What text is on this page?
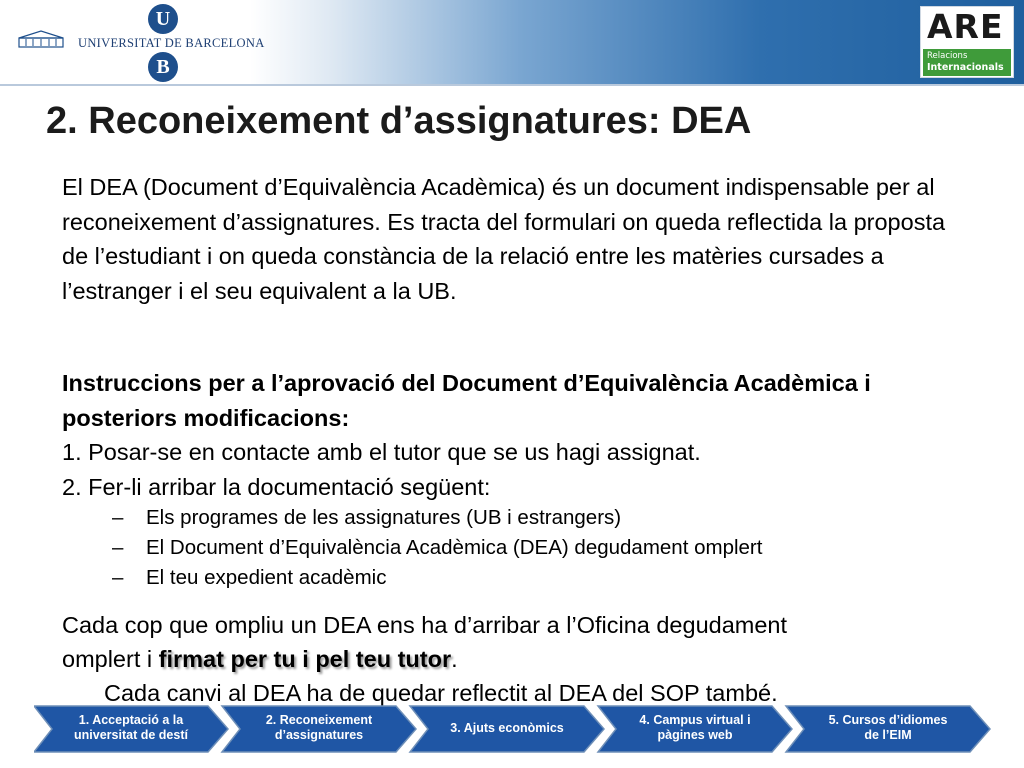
U
UNIVERSITAT DE BARCELONA
B
ARE
Relacions
Internacionals
2. Reconeixement d’assignatures: DEA

El DEA (Document d’Equivalència Acadèmica) és un document indispensable per al reconeixement d’assignatures. Es tracta del formulari on queda reflectida la proposta de l’estudiant i on queda constància de la relació entre les matèries cursades a l’estranger i el seu equivalent a la UB.

Instruccions per a l’aprovació del Document d’Equivalència Acadèmica i posteriors modificacions:

1. Posar-se en contacte amb el tutor que se us hagi assignat.

2. Fer-li arribar la documentació següent:

– Els programes de les assignatures (UB i estrangers)
– El Document d’Equivalència Acadèmica (DEA) degudament omplert
– El teu expedient acadèmic

Cada cop que ompliu un DEA ens ha d’arribar a l’Oficina degudament

omplert i firmat per tu i pel teu tutor.

Cada canvi al DEA ha de quedar reflectit al DEA del SOP també.
1. Acceptació a la
universitat de destí
2. Reconeixement
d’assignatures
3. Ajuts econòmics
4. Campus virtual i
pàgines web
5. Cursos d’idiomes
de l’EIM
